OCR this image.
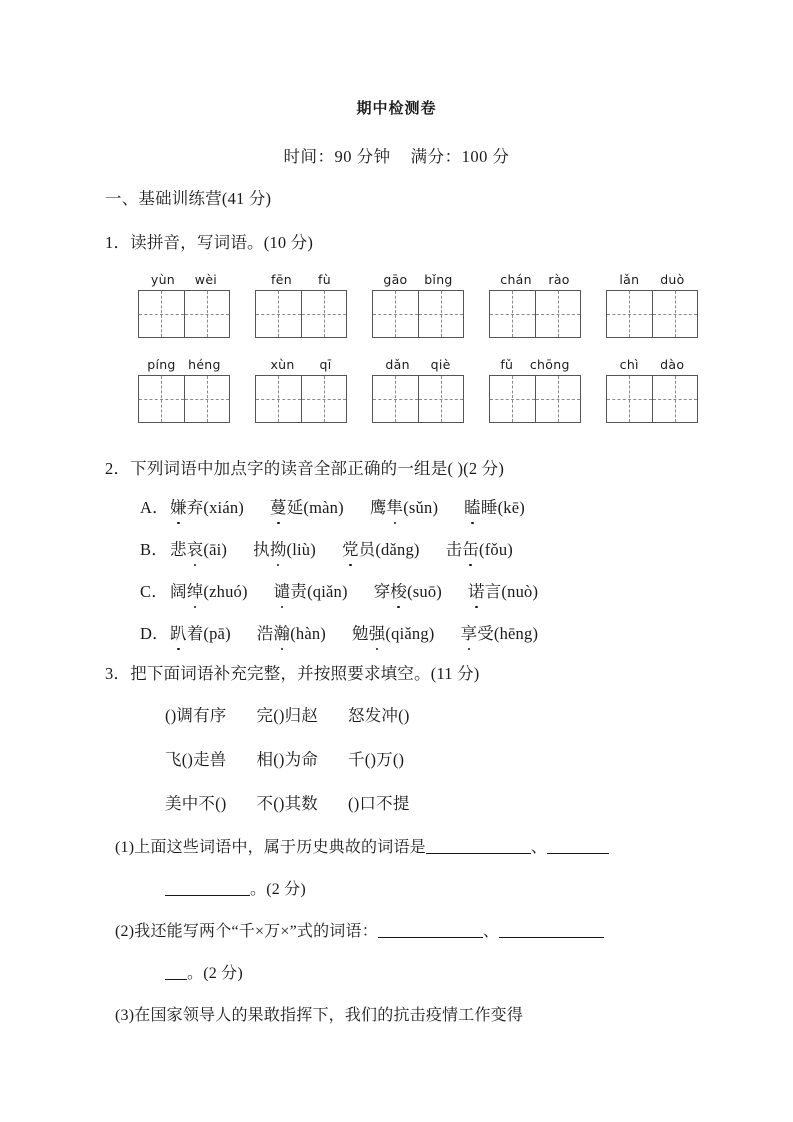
期中检测卷
时间：90 分钟 满分：100 分
一、基础训练营(41 分)
1．读拼音，写词语。(10 分)
yùn wèi	fēn fù	gāo bǐng	chán rào	lǎn duò
píng héng	xùn qī	dǎn qiè	fǔ chōng	chì dào
2．下列词语中加点字的读音全部正确的一组是( )(2 分)
A．嫌弃(xián) 蔓延(màn) 鹰隼(sǔn) 瞌睡(kē)
B． 悲哀(āi) 执拗(liù) 党员(dǎng) 击缶(fǒu)
C． 阔绰(zhuó) 谴责(qiǎn) 穿梭(suō) 诺言(nuò)
D．趴着(pā) 浩瀚(hàn) 勉强(qiǎng) 享受(hēng)
3．把下面词语补充完整，并按照要求填空。(11 分)
()调有序 完()归赵 怒发冲()
飞()走兽 相()为命 千()万()
美中不() 不()其数 ()口不提
(1)上面这些词语中，属于历史典故的词语是	、
。(2 分)
(2)我还能写两个“千×万×”式的词语：	、
。(2 分)
(3)在国家领导人的果敢指挥下，我们的抗击疫情工作变得
